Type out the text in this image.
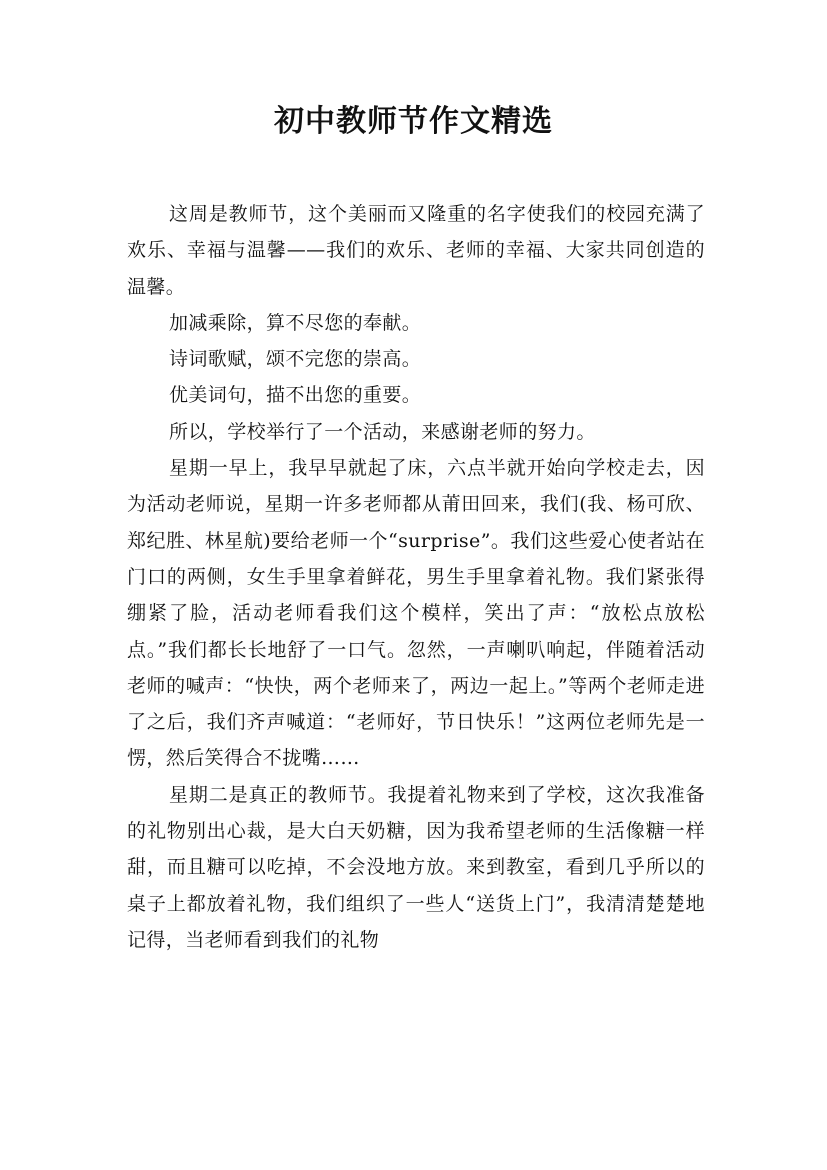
初中教师节作文精选

这周是教师节，这个美丽而又隆重的名字使我们的校园充满了欢乐、幸福与温馨——我们的欢乐、老师的幸福、大家共同创造的温馨。

加减乘除，算不尽您的奉献。

诗词歌赋，颂不完您的崇高。

优美词句，描不出您的重要。

所以，学校举行了一个活动，来感谢老师的努力。

星期一早上，我早早就起了床，六点半就开始向学校走去，因为活动老师说，星期一许多老师都从莆田回来，我们(我、杨可欣、郑纪胜、林星航)要给老师一个“surprise”。我们这些爱心使者站在门口的两侧，女生手里拿着鲜花，男生手里拿着礼物。我们紧张得绷紧了脸，活动老师看我们这个模样，笑出了声：“放松点放松点。”我们都长长地舒了一口气。忽然，一声喇叭响起，伴随着活动老师的喊声：“快快，两个老师来了，两边一起上。”等两个老师走进了之后，我们齐声喊道：“老师好，节日快乐！”这两位老师先是一愣，然后笑得合不拢嘴……

星期二是真正的教师节。我提着礼物来到了学校，这次我准备的礼物别出心裁，是大白天奶糖，因为我希望老师的生活像糖一样甜，而且糖可以吃掉，不会没地方放。来到教室，看到几乎所以的桌子上都放着礼物，我们组织了一些人“送货上门”，我清清楚楚地记得，当老师看到我们的礼物
